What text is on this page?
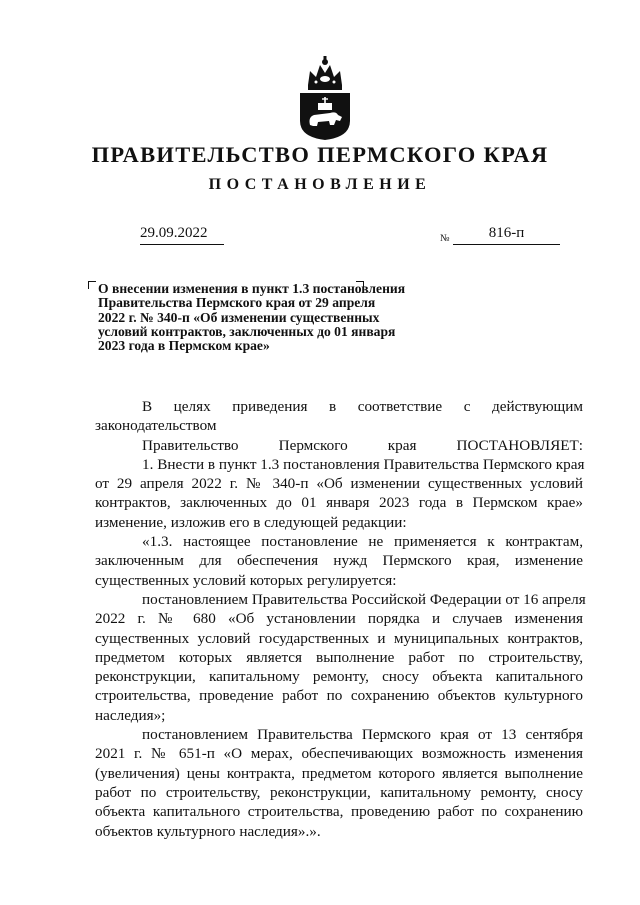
ПРАВИТЕЛЬСТВО ПЕРМСКОГО КРАЯ
ПОСТАНОВЛЕНИЕ
29.09.2022	№	816-п
О внесении изменения в пункт 1.3 постановления
Правительства Пермского края от 29 апреля
2022 г. № 340-п «Об изменении существенных
условий контрактов, заключенных до 01 января
2023 года в Пермском крае»
В целях приведения в соответствие с действующим
законодательством
Правительство Пермского края ПОСТАНОВЛЯЕТ:
1. Внести в пункт 1.3 постановления Правительства Пермского края
от 29 апреля 2022 г. № 340-п «Об изменении существенных условий
контрактов, заключенных до 01 января 2023 года в Пермском крае»
изменение, изложив его в следующей редакции:
«1.3. настоящее постановление не применяется к контрактам,
заключенным для обеспечения нужд Пермского края, изменение
существенных условий которых регулируется:
постановлением Правительства Российской Федерации от 16 апреля
2022 г. № 680 «Об установлении порядка и случаев изменения
существенных условий государственных и муниципальных контрактов,
предметом которых является выполнение работ по строительству,
реконструкции, капитальному ремонту, сносу объекта капитального
строительства, проведение работ по сохранению объектов культурного
наследия»;
постановлением Правительства Пермского края от 13 сентября
2021 г. № 651-п «О мерах, обеспечивающих возможность изменения
(увеличения) цены контракта, предметом которого является выполнение
работ по строительству, реконструкции, капитальному ремонту, сносу
объекта капитального строительства, проведению работ по сохранению
объектов культурного наследия».».
